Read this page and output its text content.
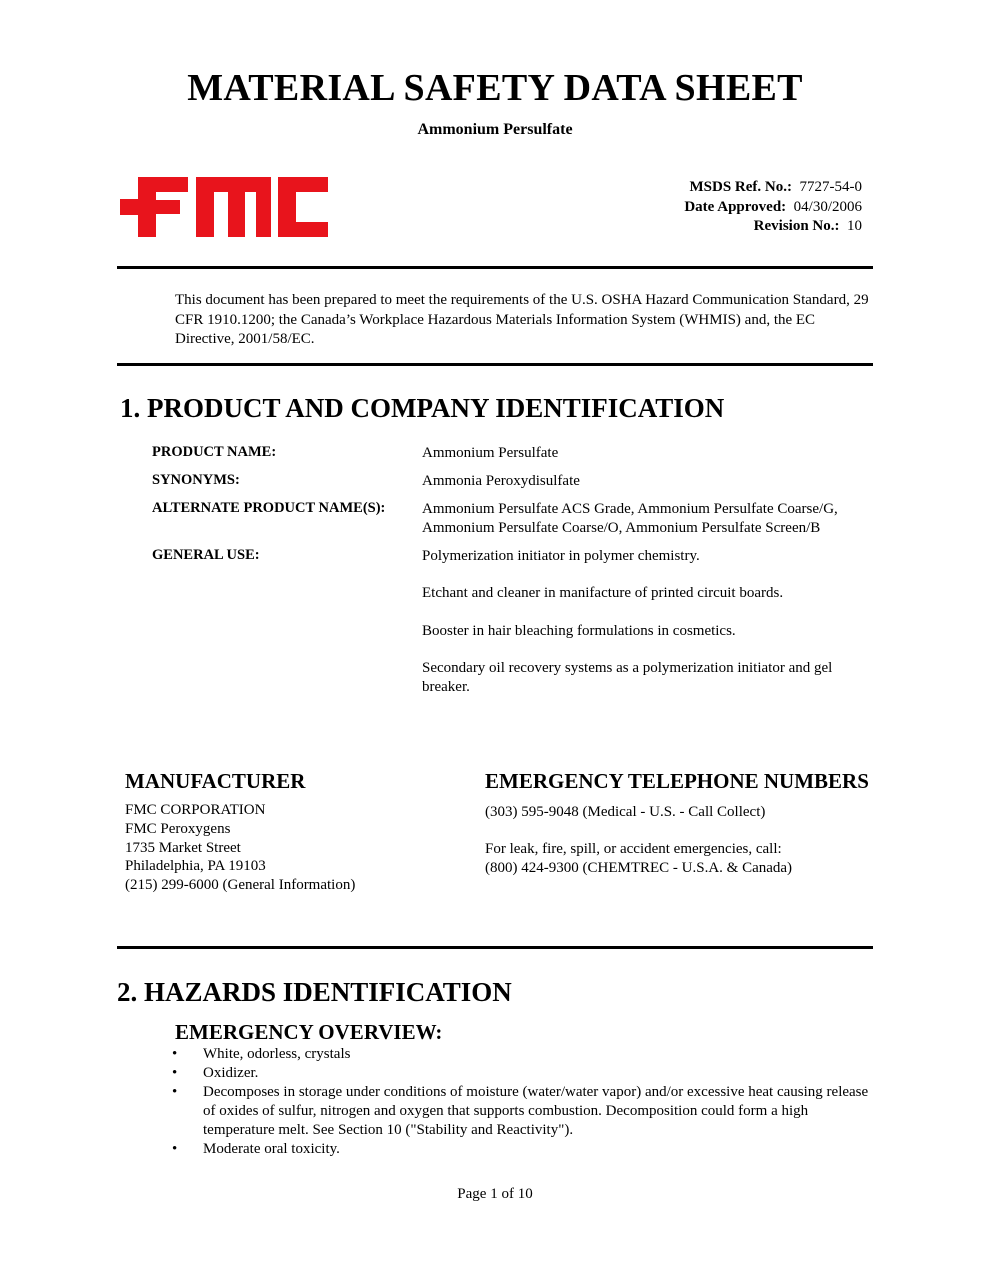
MATERIAL SAFETY DATA SHEET
Ammonium Persulfate
FMC
MSDS Ref. No.: 7727-54-0
Date Approved: 04/30/2006
Revision No.: 10
This document has been prepared to meet the requirements of the U.S. OSHA Hazard Communication Standard, 29 CFR 1910.1200; the Canada’s Workplace Hazardous Materials Information System (WHMIS) and, the EC Directive, 2001/58/EC.
1. PRODUCT AND COMPANY IDENTIFICATION
PRODUCT NAME:	Ammonium Persulfate
SYNONYMS:	Ammonia Peroxydisulfate
ALTERNATE PRODUCT NAME(S): Ammonium Persulfate ACS Grade, Ammonium Persulfate Coarse/G,
Ammonium Persulfate Coarse/O, Ammonium Persulfate Screen/B
GENERAL USE:	Polymerization initiator in polymer chemistry.
Etchant and cleaner in manifacture of printed circuit boards.
Booster in hair bleaching formulations in cosmetics.
Secondary oil recovery systems as a polymerization initiator and gel breaker.
MANUFACTURER
FMC CORPORATION
FMC Peroxygens
1735 Market Street
Philadelphia, PA 19103
(215) 299-6000 (General Information)
EMERGENCY TELEPHONE NUMBERS
(303) 595-9048 (Medical - U.S. - Call Collect)
For leak, fire, spill, or accident emergencies, call:
(800) 424-9300 (CHEMTREC - U.S.A. & Canada)
2. HAZARDS IDENTIFICATION
EMERGENCY OVERVIEW:
• White, odorless, crystals
• Oxidizer.
• Decomposes in storage under conditions of moisture (water/water vapor) and/or excessive heat causing release of oxides of sulfur, nitrogen and oxygen that supports combustion. Decomposition could form a high temperature melt. See Section 10 ("Stability and Reactivity").
• Moderate oral toxicity.
Page 1 of 10
